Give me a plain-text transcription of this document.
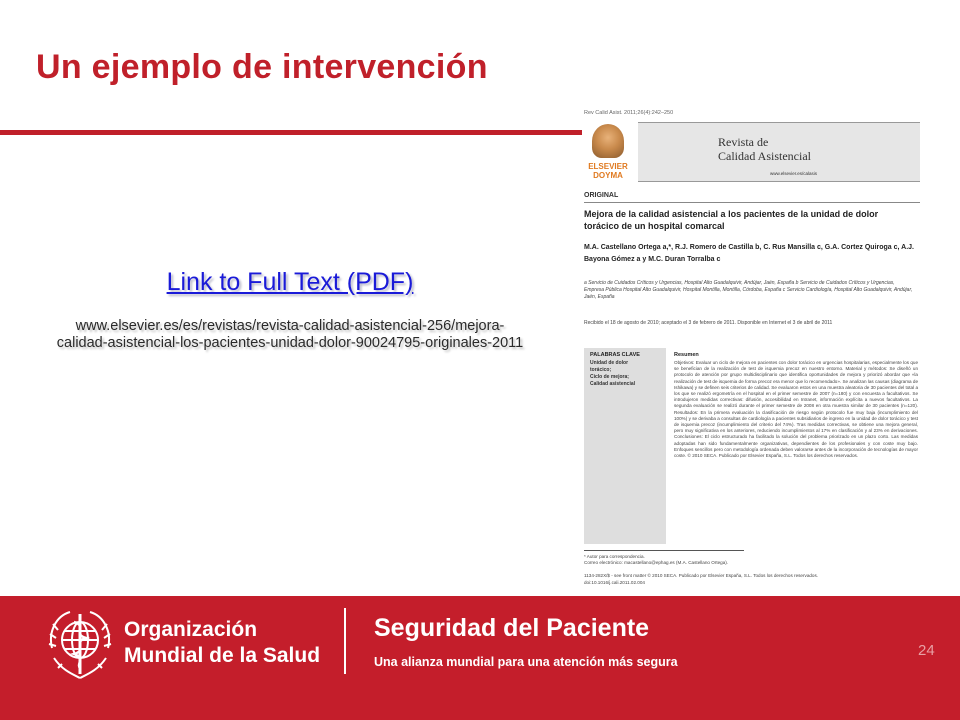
Un ejemplo de intervención
Link to Full Text (PDF)
www.elsevier.es/es/revistas/revista-calidad-asistencial-256/mejora-
calidad-asistencial-los-pacientes-unidad-dolor-90024795-originales-2011
Rev Calid Asist. 2011;26(4):242–250
ELSEVIER
DOYMA
Revista de
Calidad Asistencial
www.elsevier.es/calasis
ORIGINAL
Mejora de la calidad asistencial a los pacientes de la unidad de dolor torácico de un hospital comarcal
M.A. Castellano Ortega a,*, R.J. Romero de Castilla b, C. Rus Mansilla c, G.A. Cortez Quiroga c, A.J. Bayona Gómez a y M.C. Duran Torralba c
a Servicio de Cuidados Críticos y Urgencias, Hospital Alto Guadalquivir, Andújar, Jaén, España b Servicio de Cuidados Críticos y Urgencias, Empresa Pública Hospital Alto Guadalquivir, Hospital Montilla, Montilla, Córdoba, España c Servicio Cardiología, Hospital Alto Guadalquivir, Andújar, Jaén, España
Recibido el 18 de agosto de 2010; aceptado el 3 de febrero de 2011. Disponible en Internet el 3 de abril de 2011
PALABRAS CLAVE
Unidad de dolor
torácico;
Ciclo de mejora;
Calidad asistencial
Resumen
Objetivos: Evaluar un ciclo de mejora en pacientes con dolor torácico en urgencias hospitalarias, especialmente los que se benefician de la realización de test de isquemia precoz en nuestro entorno. Material y métodos: Se diseñó un protocolo de atención por grupo multidisciplinario que identifica oportunidades de mejora y priorizó abordar que «la realización de test de isquemia de forma precoz era menor que lo recomendado». Se analizan las causas (diagrama de Ishikawa) y se definen seis criterios de calidad. Se evaluaron estos en una muestra aleatoria de 30 pacientes del total a los que se realizó ergometría en el hospital en el primer semestre de 2007 (n=180) y con encuesta a facultativos. Se introdujeron medidas correctivas: difusión, accesibilidad en Intranet, información explícita a nuevos facultativos. La segunda evaluación se realizó durante el primer semestre de 2008 en otra muestra similar de 30 pacientes (n=120). Resultados: En la primera evaluación la clasificación de riesgo según protocolo fue muy baja (incumplimiento del 100%) y se derivaba a consultas de cardiología a pacientes subsidiarios de ingreso en la unidad de dolor torácico y test de isquemia precoz (incumplimiento del criterio del 74%). Tras medidas correctivas, se obtiene una mejora general, pero muy significativa en los anteriores, reduciendo incumplimientos al 17% en clasificación y al 23% en derivaciones. Conclusiones: El ciclo estructurado ha facilitado la solución del problema priorizado en un plazo corto. Las medidas adoptadas han sido fundamentalmente organizativas, dependientes de los profesionales y con coste muy bajo. Enfoques sencillos pero con metodología ordenada deben valorarse antes de la incorporación de tecnologías de mayor coste. © 2010 SECA. Publicado por Elsevier España, S.L. Todos los derechos reservados.
* Autor para correspondencia.
Correo electrónico: macastellano@ephag.es (M.A. Castellano Ortega).

1134-282X/$ - see front matter © 2010 SECA. Publicado por Elsevier España, S.L. Todos los derechos reservados.
doi:10.1016/j.cali.2011.02.004
Organización
Mundial de la Salud
Seguridad del Paciente
Una alianza mundial para una atención más segura
24
